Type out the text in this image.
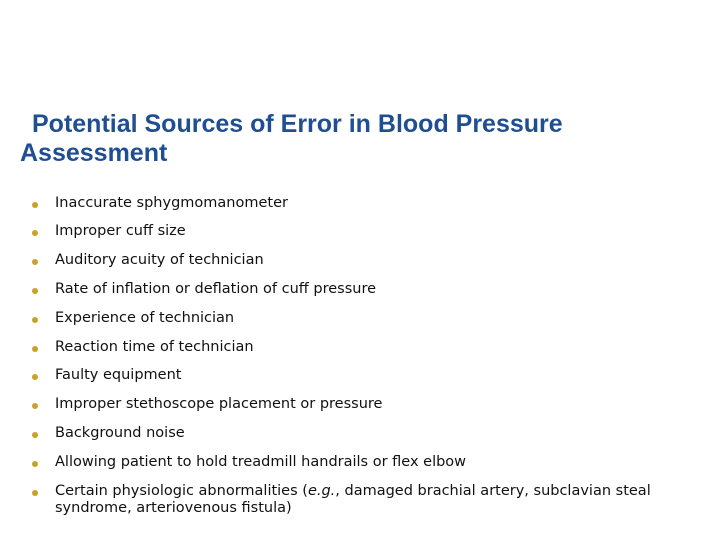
Potential Sources of Error in Blood Pressure Assessment
Inaccurate sphygmomanometer
Improper cuff size
Auditory acuity of technician
Rate of inflation or deflation of cuff pressure
Experience of technician
Reaction time of technician
Faulty equipment
Improper stethoscope placement or pressure
Background noise
Allowing patient to hold treadmill handrails or flex elbow
Certain physiologic abnormalities (e.g., damaged brachial artery, subclavian steal syndrome, arteriovenous fistula)
